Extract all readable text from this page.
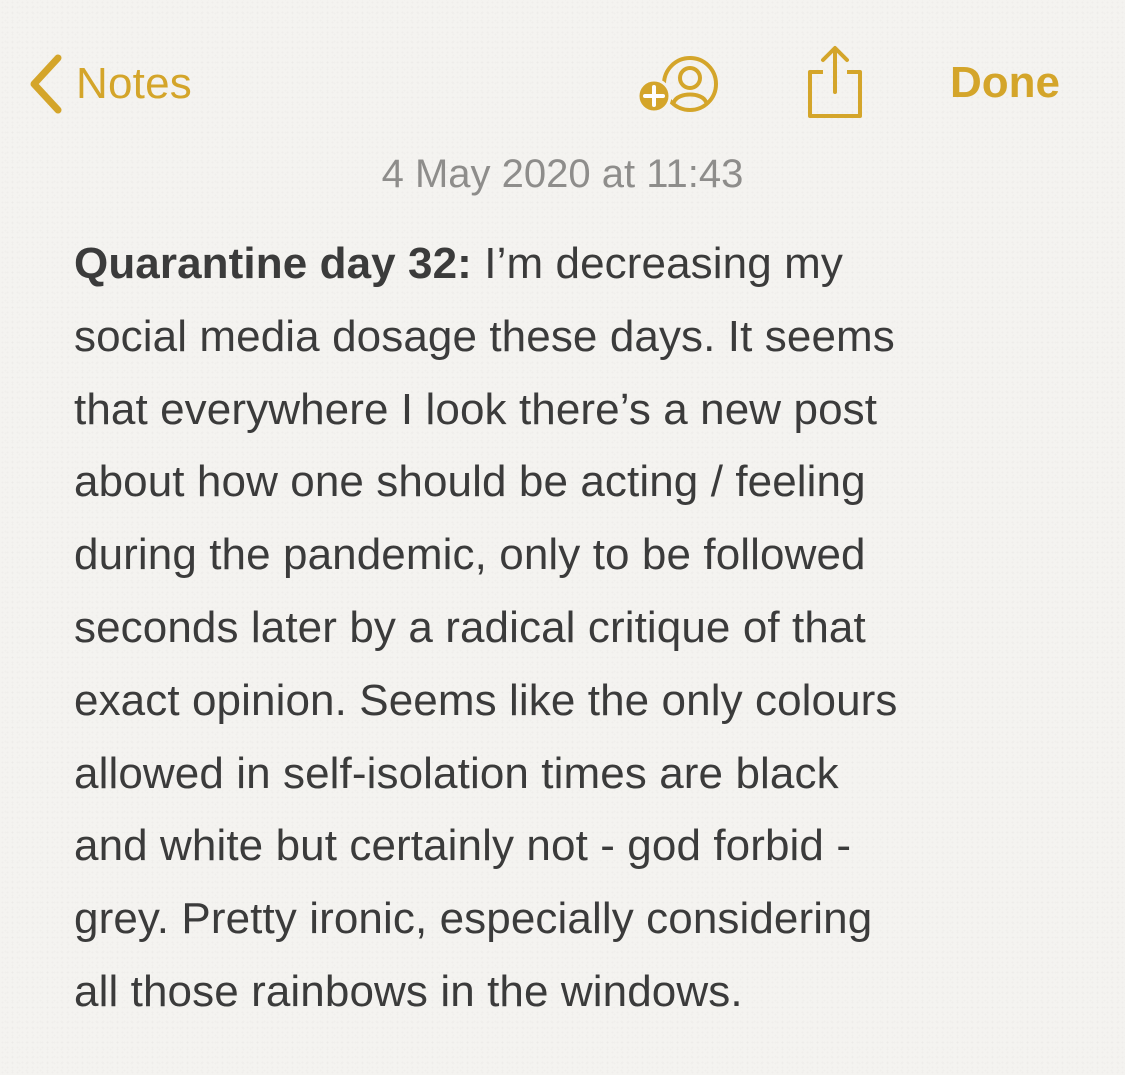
Notes	Done
4 May 2020 at 11:43
Quarantine day 32: I’m decreasing my
social media dosage these days. It seems
that everywhere I look there’s a new post
about how one should be acting / feeling
during the pandemic, only to be followed
seconds later by a radical critique of that
exact opinion. Seems like the only colours
allowed in self-isolation times are black
and white but certainly not - god forbid -
grey. Pretty ironic, especially considering
all those rainbows in the windows.
